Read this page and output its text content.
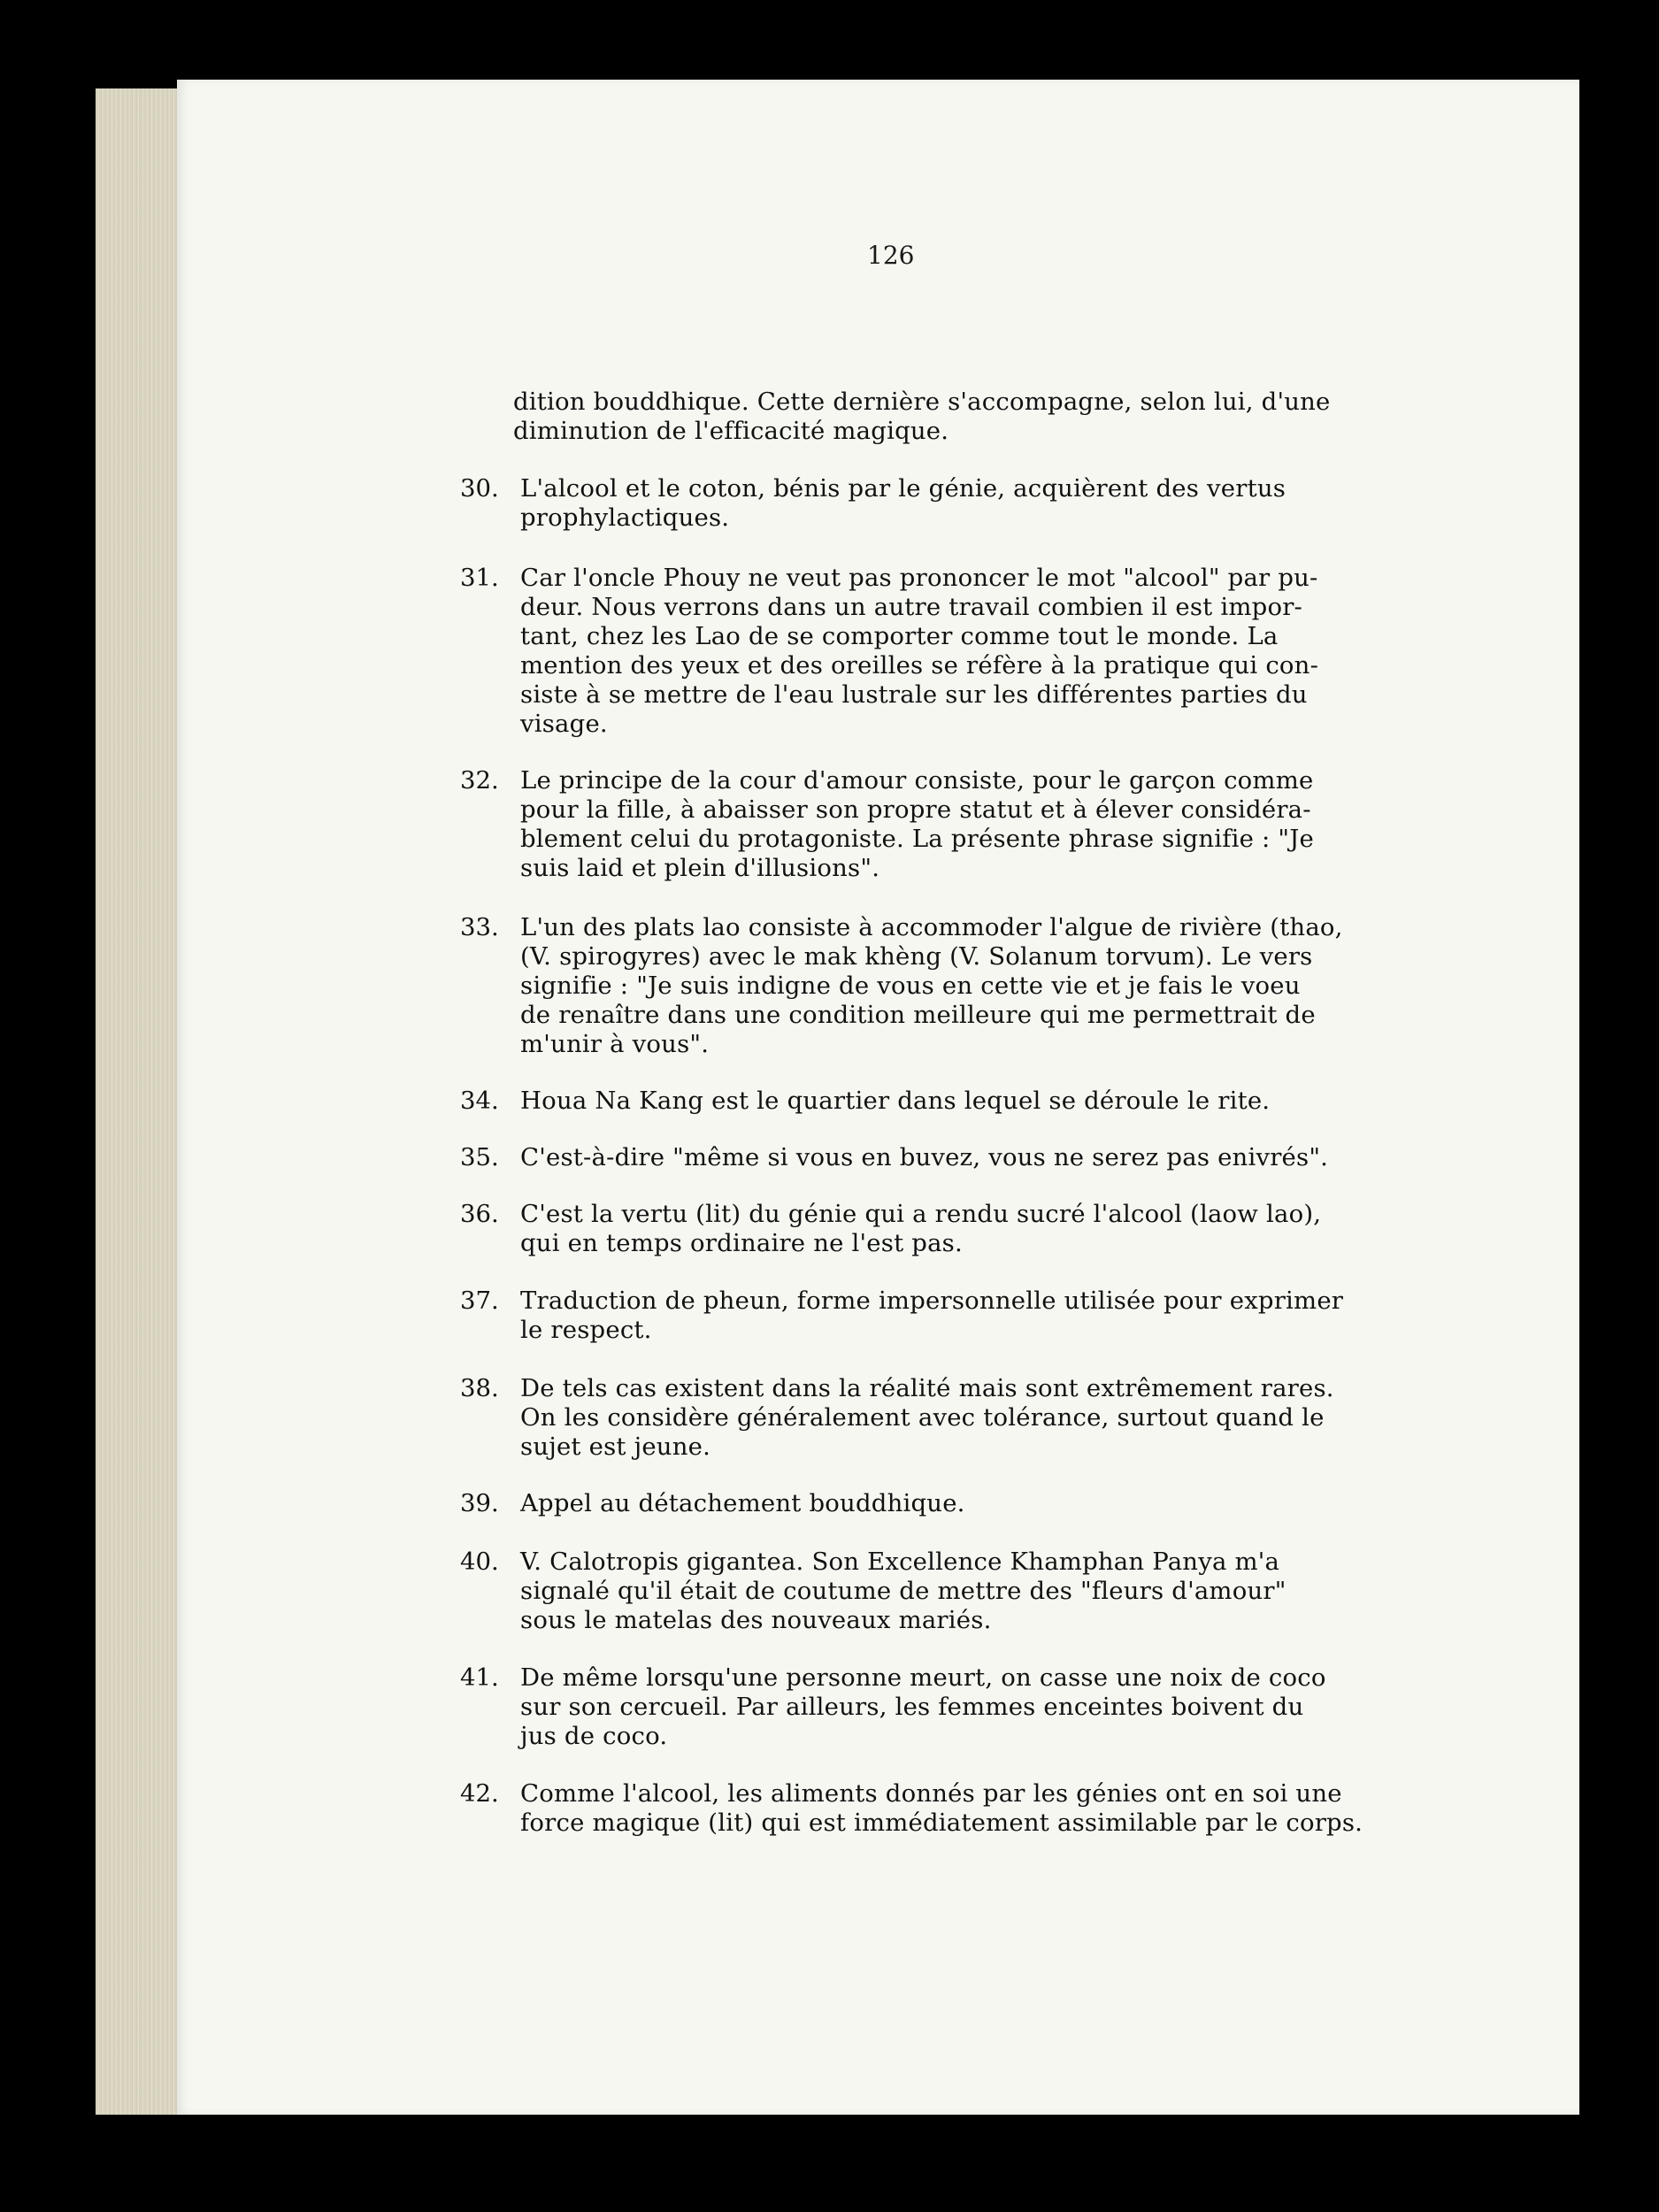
126
dition bouddhique. Cette dernière s'accompagne, selon lui, d'une
diminution de l'efficacité magique.
30. L'alcool et le coton, bénis par le génie, acquièrent des vertus
prophylactiques.
31. Car l'oncle Phouy ne veut pas prononcer le mot "alcool" par pu-
deur. Nous verrons dans un autre travail combien il est impor-
tant, chez les Lao de se comporter comme tout le monde. La
mention des yeux et des oreilles se réfère à la pratique qui con-
siste à se mettre de l'eau lustrale sur les différentes parties du
visage.
32. Le principe de la cour d'amour consiste, pour le garçon comme
pour la fille, à abaisser son propre statut et à élever considéra-
blement celui du protagoniste. La présente phrase signifie : "Je
suis laid et plein d'illusions".
33. L'un des plats lao consiste à accommoder l'algue de rivière (thao,
(V. spirogyres) avec le mak khèng (V. Solanum torvum). Le vers
signifie : "Je suis indigne de vous en cette vie et je fais le voeu
de renaître dans une condition meilleure qui me permettrait de
m'unir à vous".
34. Houa Na Kang est le quartier dans lequel se déroule le rite.
35. C'est-à-dire "même si vous en buvez, vous ne serez pas enivrés".
36. C'est la vertu (lit) du génie qui a rendu sucré l'alcool (laow lao),
qui en temps ordinaire ne l'est pas.
37. Traduction de pheun, forme impersonnelle utilisée pour exprimer
le respect.
38. De tels cas existent dans la réalité mais sont extrêmement rares.
On les considère généralement avec tolérance, surtout quand le
sujet est jeune.
39. Appel au détachement bouddhique.
40. V. Calotropis gigantea. Son Excellence Khamphan Panya m'a
signalé qu'il était de coutume de mettre des "fleurs d'amour"
sous le matelas des nouveaux mariés.
41. De même lorsqu'une personne meurt, on casse une noix de coco
sur son cercueil. Par ailleurs, les femmes enceintes boivent du
jus de coco.
42. Comme l'alcool, les aliments donnés par les génies ont en soi une
force magique (lit) qui est immédiatement assimilable par le corps.
